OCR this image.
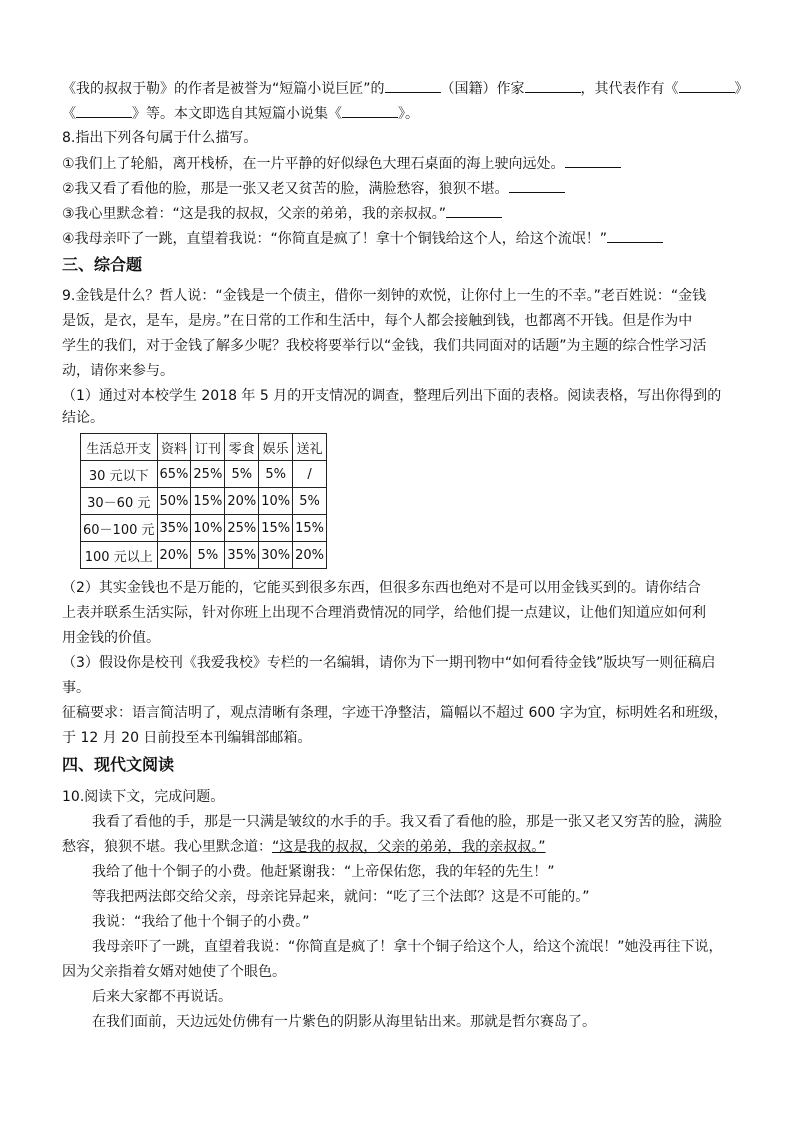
《我的叔叔于勒》的作者是被誉为“短篇小说巨匠”的	（国籍）作家	，其代表作有《	》
《	》等。本文即选自其短篇小说集《	》。
8.指出下列各句属于什么描写。
①我们上了轮船，离开栈桥，在一片平静的好似绿色大理石桌面的海上驶向远处。
②我又看了看他的脸，那是一张又老又贫苦的脸，满脸愁容，狼狈不堪。
③我心里默念着：“这是我的叔叔，父亲的弟弟，我的亲叔叔。”
④我母亲吓了一跳，直望着我说：“你简直是疯了！拿十个铜钱给这个人，给这个流氓！”
三、综合题
9.金钱是什么？哲人说：“金钱是一个债主，借你一刻钟的欢悦，让你付上一生的不幸。”老百姓说：“金钱
是饭，是衣，是车，是房。”在日常的工作和生活中，每个人都会接触到钱，也都离不开钱。但是作为中
学生的我们，对于金钱了解多少呢？我校将要举行以“金钱，我们共同面对的话题”为主题的综合性学习活
动，请你来参与。
（1）通过对本校学生 2018 年 5 月的开支情况的调查，整理后列出下面的表格。阅读表格，写出你得到的
结论。
生活总开支	资料	订刊	零食	娱乐	送礼
30 元以下	65%	25%	5%	5%	/
30－60 元	50%	15%	20%	10%	5%
60－100 元	35%	10%	25%	15%	15%
100 元以上	20%	5%	35%	30%	20%
（2）其实金钱也不是万能的，它能买到很多东西，但很多东西也绝对不是可以用金钱买到的。请你结合
上表并联系生活实际，针对你班上出现不合理消费情况的同学，给他们提一点建议，让他们知道应如何利
用金钱的价值。
（3）假设你是校刊《我爱我校》专栏的一名编辑，请你为下一期刊物中“如何看待金钱”版块写一则征稿启
事。
征稿要求：语言简洁明了，观点清晰有条理，字迹干净整洁，篇幅以不超过 600 字为宜，标明姓名和班级，
于 12 月 20 日前投至本刊编辑部邮箱。
四、现代文阅读
10.阅读下文，完成问题。
我看了看他的手，那是一只满是皱纹的水手的手。我又看了看他的脸，那是一张又老又穷苦的脸，满脸
愁容，狼狈不堪。我心里默念道：“这是我的叔叔，父亲的弟弟，我的亲叔叔。”
我给了他十个铜子的小费。他赶紧谢我：“上帝保佑您，我的年轻的先生！”
等我把两法郎交给父亲，母亲诧异起来，就问：“吃了三个法郎？这是不可能的。”
我说：“我给了他十个铜子的小费。”
我母亲吓了一跳，直望着我说：“你简直是疯了！拿十个铜子给这个人，给这个流氓！”她没再往下说，
因为父亲指着女婿对她使了个眼色。
后来大家都不再说话。
在我们面前，天边远处仿佛有一片紫色的阴影从海里钻出来。那就是哲尔赛岛了。
